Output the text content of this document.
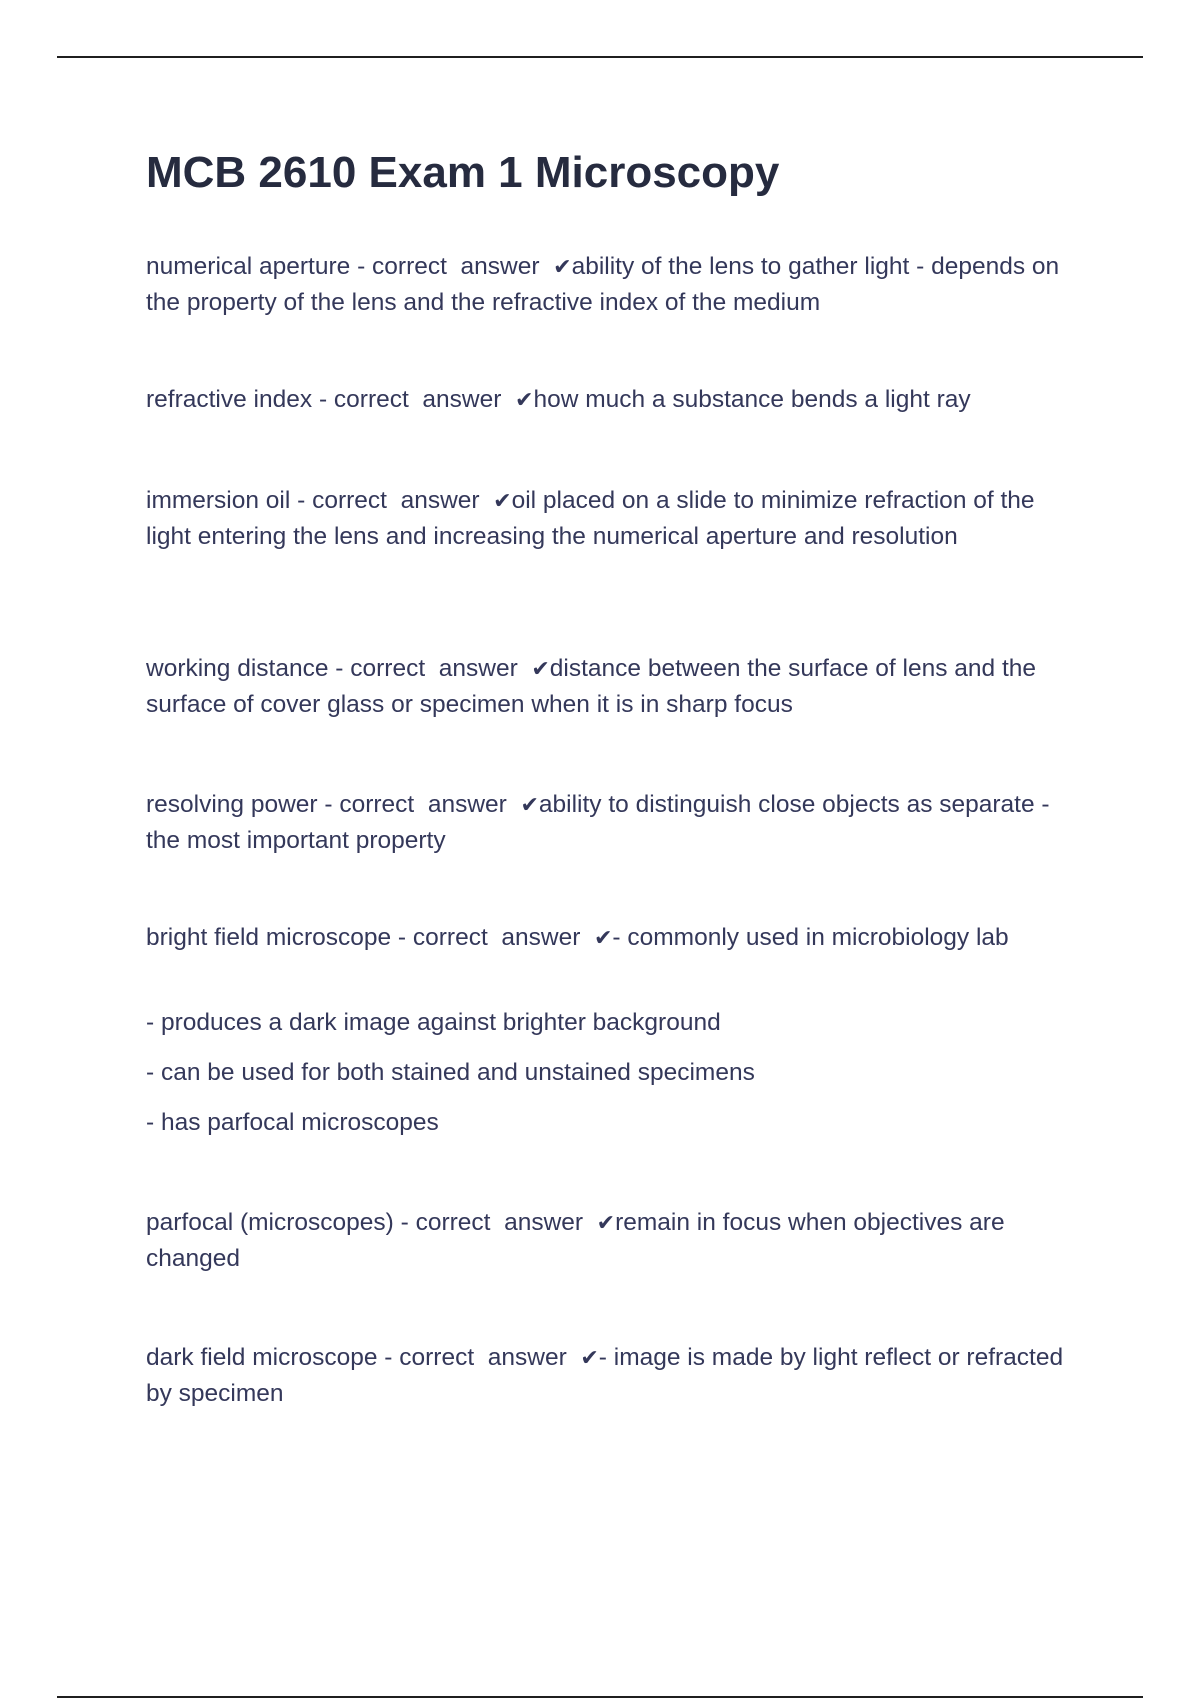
MCB 2610 Exam 1 Microscopy

numerical aperture - correct  answer  ✔ability of the lens to gather light - depends on the property of the lens and the refractive index of the medium

refractive index - correct  answer  ✔how much a substance bends a light ray

immersion oil - correct  answer  ✔oil placed on a slide to minimize refraction of the light entering the lens and increasing the numerical aperture and resolution

working distance - correct  answer  ✔distance between the surface of lens and the surface of cover glass or specimen when it is in sharp focus

resolving power - correct  answer  ✔ability to distinguish close objects as separate - the most important property

bright field microscope - correct  answer  ✔- commonly used in microbiology lab

- produces a dark image against brighter background

- can be used for both stained and unstained specimens

- has parfocal microscopes

parfocal (microscopes) - correct  answer  ✔remain in focus when objectives are changed

dark field microscope - correct  answer  ✔- image is made by light reflect or refracted by specimen
